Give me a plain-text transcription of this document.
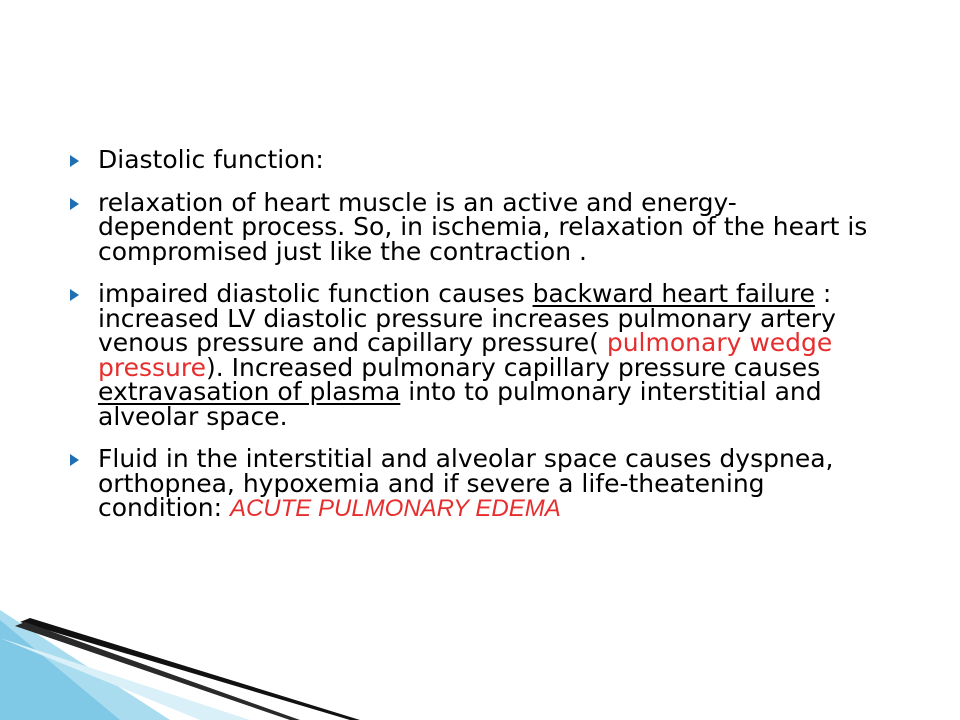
Diastolic function:
relaxation of heart muscle is an active and energy-dependent process. So, in ischemia, relaxation of the heart is compromised just like the contraction .
impaired diastolic function causes backward heart failure : increased LV diastolic pressure increases pulmonary artery venous pressure and capillary pressure( pulmonary wedge pressure). Increased pulmonary capillary pressure causes extravasation of plasma into to pulmonary interstitial and alveolar space.
Fluid in the interstitial and alveolar space causes dyspnea, orthopnea, hypoxemia and if severe a life-theatening condition: ACUTE PULMONARY EDEMA
